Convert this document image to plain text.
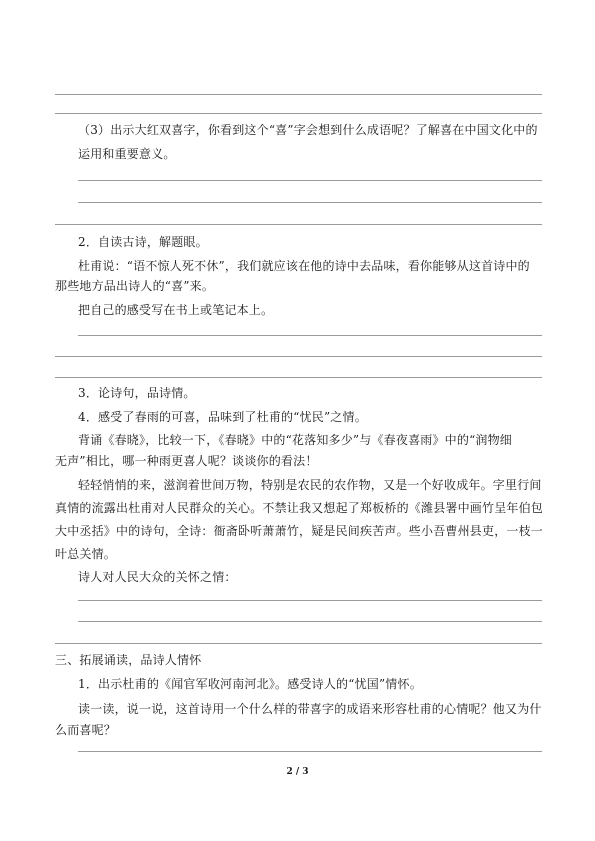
（3）出示大红双喜字，你看到这个“喜”字会想到什么成语呢？了解喜在中国文化中的
运用和重要意义。
2．自读古诗，解题眼。
杜甫说：“语不惊人死不休”，我们就应该在他的诗中去品味，看你能够从这首诗中的
那些地方品出诗人的“喜”来。
把自己的感受写在书上或笔记本上。
3．论诗句，品诗情。
4．感受了春雨的可喜，品味到了杜甫的“忧民”之情。
背诵《春晓》，比较一下，《春晓》中的“花落知多少”与《春夜喜雨》中的“润物细
无声”相比，哪一种雨更喜人呢？谈谈你的看法！
轻轻悄悄的来，滋润着世间万物，特别是农民的农作物，又是一个好收成年。字里行间
真情的流露出杜甫对人民群众的关心。不禁让我又想起了郑板桥的《潍县署中画竹呈年伯包
大中丞括》中的诗句，全诗：衙斋卧听萧萧竹，疑是民间疾苦声。些小吾曹州县吏，一枝一
叶总关情。
诗人对人民大众的关怀之情：
三、拓展诵读，品诗人情怀
1．出示杜甫的《闻官军收河南河北》。感受诗人的“忧国”情怀。
读一读，说一说，这首诗用一个什么样的带喜字的成语来形容杜甫的心情呢？他又为什
么而喜呢？
2 / 3
